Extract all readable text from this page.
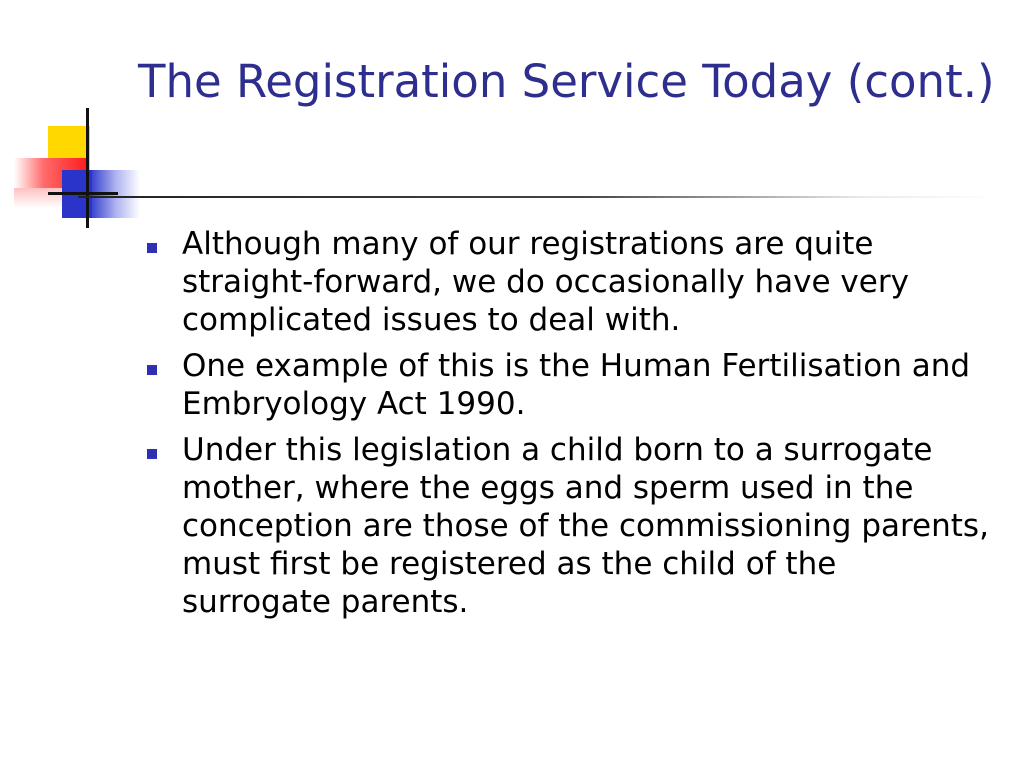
The Registration Service Today (cont.)
Although many of our registrations are quite straight-forward, we do occasionally have very complicated issues to deal with.
One example of this is the Human Fertilisation and Embryology Act 1990.
Under this legislation a child born to a surrogate mother, where the eggs and sperm used in the conception are those of the commissioning parents, must first be registered as the child of the surrogate parents.
